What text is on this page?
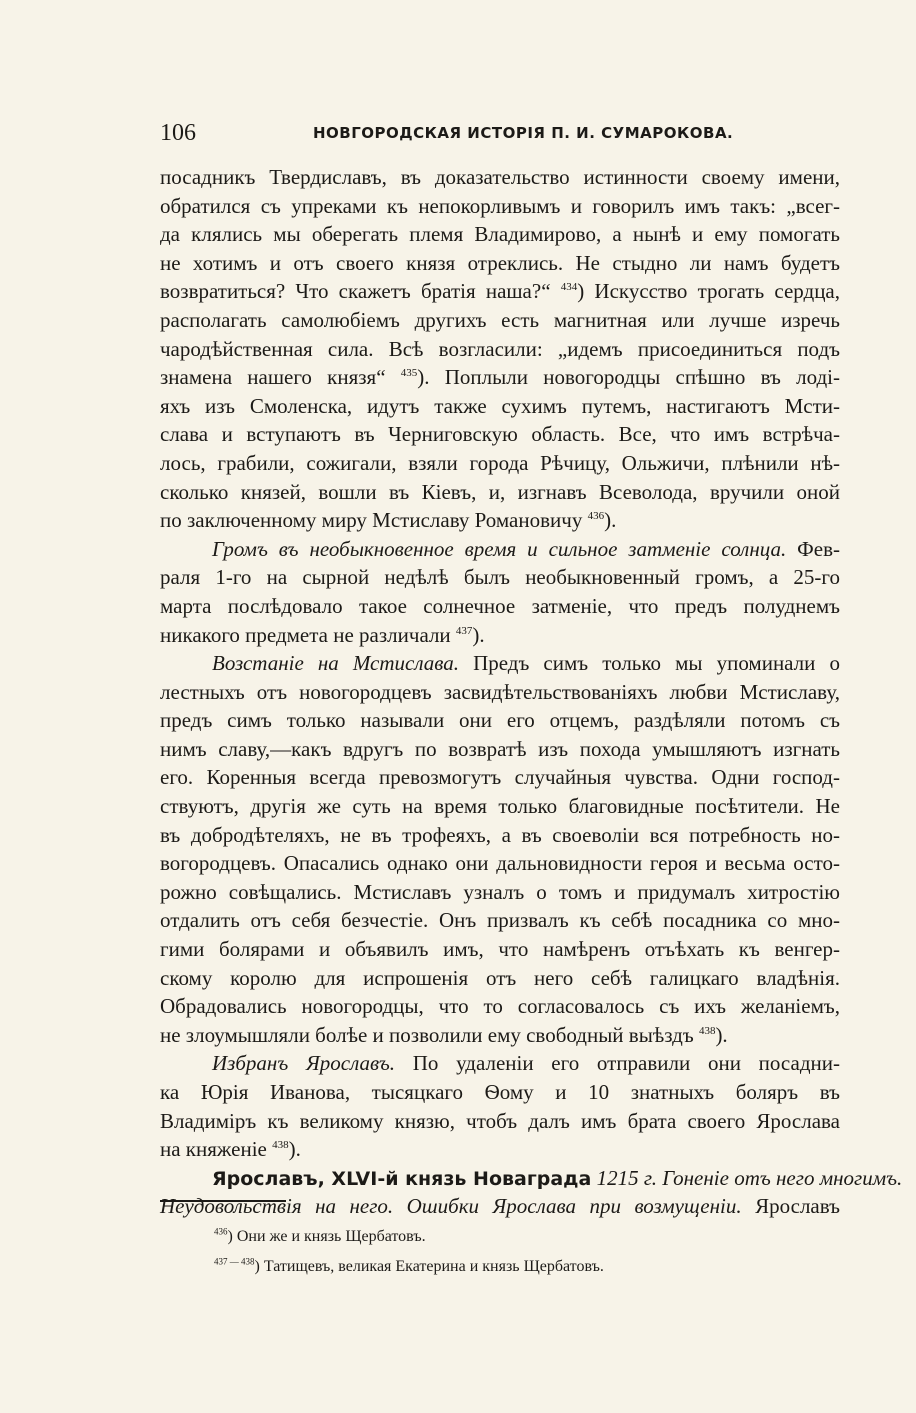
106	НОВГОРОДСКАЯ ИСТОРІЯ П. И. СУМАРОКОВА.
посадникъ Твердиславъ, въ доказательство истинности своему имени,
обратился съ упреками къ непокорливымъ и говорилъ имъ такъ: „всег-
да клялись мы оберегать племя Владимирово, а нынѣ и ему помогать
не хотимъ и отъ своего князя отреклись. Не стыдно ли намъ будетъ
возвратиться? Что скажетъ братія наша?“ $^{434}$) Искусство трогать сердца,
располагать самолюбіемъ другихъ есть магнитная или лучше изречь
чародѣйственная сила. Всѣ возгласили: „идемъ присоединиться подъ
знамена нашего князя“ $^{435}$). Поплыли новогородцы спѣшно въ лоді-
яхъ изъ Смоленска, идутъ также сухимъ путемъ, настигаютъ Мсти-
слава и вступаютъ въ Черниговскую область. Все, что имъ встрѣча-
лось, грабили, сожигали, взяли города Рѣчицу, Ольжичи, плѣнили нѣ-
сколько князей, вошли въ Кіевъ, и, изгнавъ Всеволода, вручили оной
по заключенному миру Мстиславу Романовичу $^{436}$).
Громъ въ необыкновенное время и сильное затменіе солнца. Фев-
раля 1-го на сырной недѣлѣ былъ необыкновенный громъ, а 25-го
марта послѣдовало такое солнечное затменіе, что предъ полуднемъ
никакого предмета не различали $^{437}$).
Возстаніе на Мстислава. Предъ симъ только мы упоминали о
лестныхъ отъ новогородцевъ засвидѣтельствованіяхъ любви Мстиславу,
предъ симъ только называли они его отцемъ, раздѣляли потомъ съ
нимъ славу,—какъ вдругъ по возвратѣ изъ похода умышляютъ изгнать
его. Коренныя всегда превозмогутъ случайныя чувства. Одни господ-
ствуютъ, другія же суть на время только благовидные посѣтители. Не
въ добродѣтеляхъ, не въ трофеяхъ, а въ своеволіи вся потребность но-
вогородцевъ. Опасались однако они дальновидности героя и весьма осто-
рожно совѣщались. Мстиславъ узналъ о томъ и придумалъ хитростію
отдалить отъ себя безчестіе. Онъ призвалъ къ себѣ посадника со мно-
гими болярами и объявилъ имъ, что намѣренъ отъѣхать къ венгер-
скому королю для испрошенія отъ него себѣ галицкаго владѣнія.
Обрадовались новогородцы, что то согласовалось съ ихъ желаніемъ,
не злоумышляли болѣе и позволили ему свободный выѣздъ $^{438}$).
Избранъ Ярославъ. По удаленіи его отправили они посадни-
ка Юрія Иванова, тысяцкаго Ѳому и 10 знатныхъ боляръ въ
Владиміръ къ великому князю, чтобъ далъ имъ брата своего Ярослава
на княженіе $^{438}$).
Ярославъ, XLVI-й князь Новаграда 1215 г. Гоненіе отъ него многимъ.
Неудовольствія на него. Ошибки Ярослава при возмущеніи. Ярославъ
$^{436}$) Они же и князь Щербатовъ.
$^{437 — 438}$) Татищевъ, великая Екатерина и князь Щербатовъ.
